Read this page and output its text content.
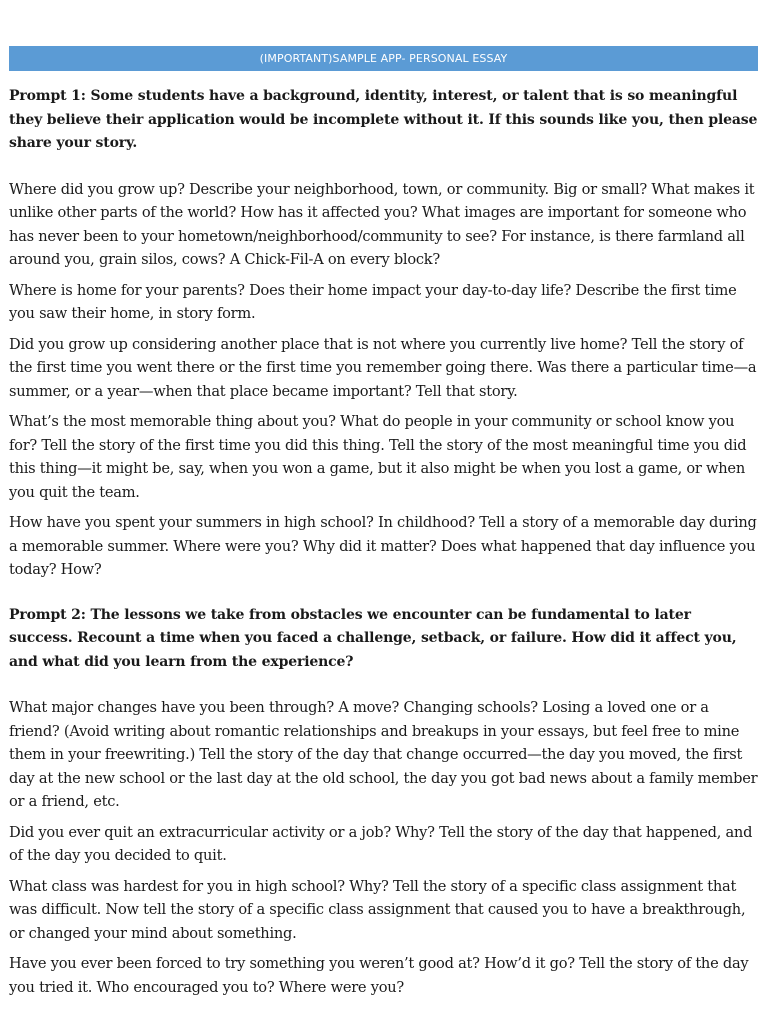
(IMPORTANT)SAMPLE APP- PERSONAL ESSAY

Prompt 1: Some students have a background, identity, interest, or talent that is so meaningful they believe their application would be incomplete without it. If this sounds like you, then please share your story.

Where did you grow up? Describe your neighborhood, town, or community. Big or small? What makes it unlike other parts of the world? How has it affected you? What images are important for someone who has never been to your hometown/neighborhood/community to see? For instance, is there farmland all around you, grain silos, cows? A Chick-Fil-A on every block?

Where is home for your parents? Does their home impact your day-to-day life? Describe the first time you saw their home, in story form.

Did you grow up considering another place that is not where you currently live home? Tell the story of the first time you went there or the first time you remember going there. Was there a particular time—a summer, or a year—when that place became important? Tell that story.

What’s the most memorable thing about you? What do people in your community or school know you for? Tell the story of the first time you did this thing. Tell the story of the most meaningful time you did this thing—it might be, say, when you won a game, but it also might be when you lost a game, or when you quit the team.

How have you spent your summers in high school? In childhood? Tell a story of a memorable day during a memorable summer. Where were you? Why did it matter? Does what happened that day influence you today? How?

Prompt 2: The lessons we take from obstacles we encounter can be fundamental to later success. Recount a time when you faced a challenge, setback, or failure. How did it affect you, and what did you learn from the experience?

What major changes have you been through? A move? Changing schools? Losing a loved one or a friend? (Avoid writing about romantic relationships and breakups in your essays, but feel free to mine them in your freewriting.) Tell the story of the day that change occurred—the day you moved, the first day at the new school or the last day at the old school, the day you got bad news about a family member or a friend, etc.

Did you ever quit an extracurricular activity or a job? Why? Tell the story of the day that happened, and of the day you decided to quit.

What class was hardest for you in high school? Why? Tell the story of a specific class assignment that was difficult. Now tell the story of a specific class assignment that caused you to have a breakthrough, or changed your mind about something.

Have you ever been forced to try something you weren’t good at? How’d it go? Tell the story of the day you tried it. Who encouraged you to? Where were you?
